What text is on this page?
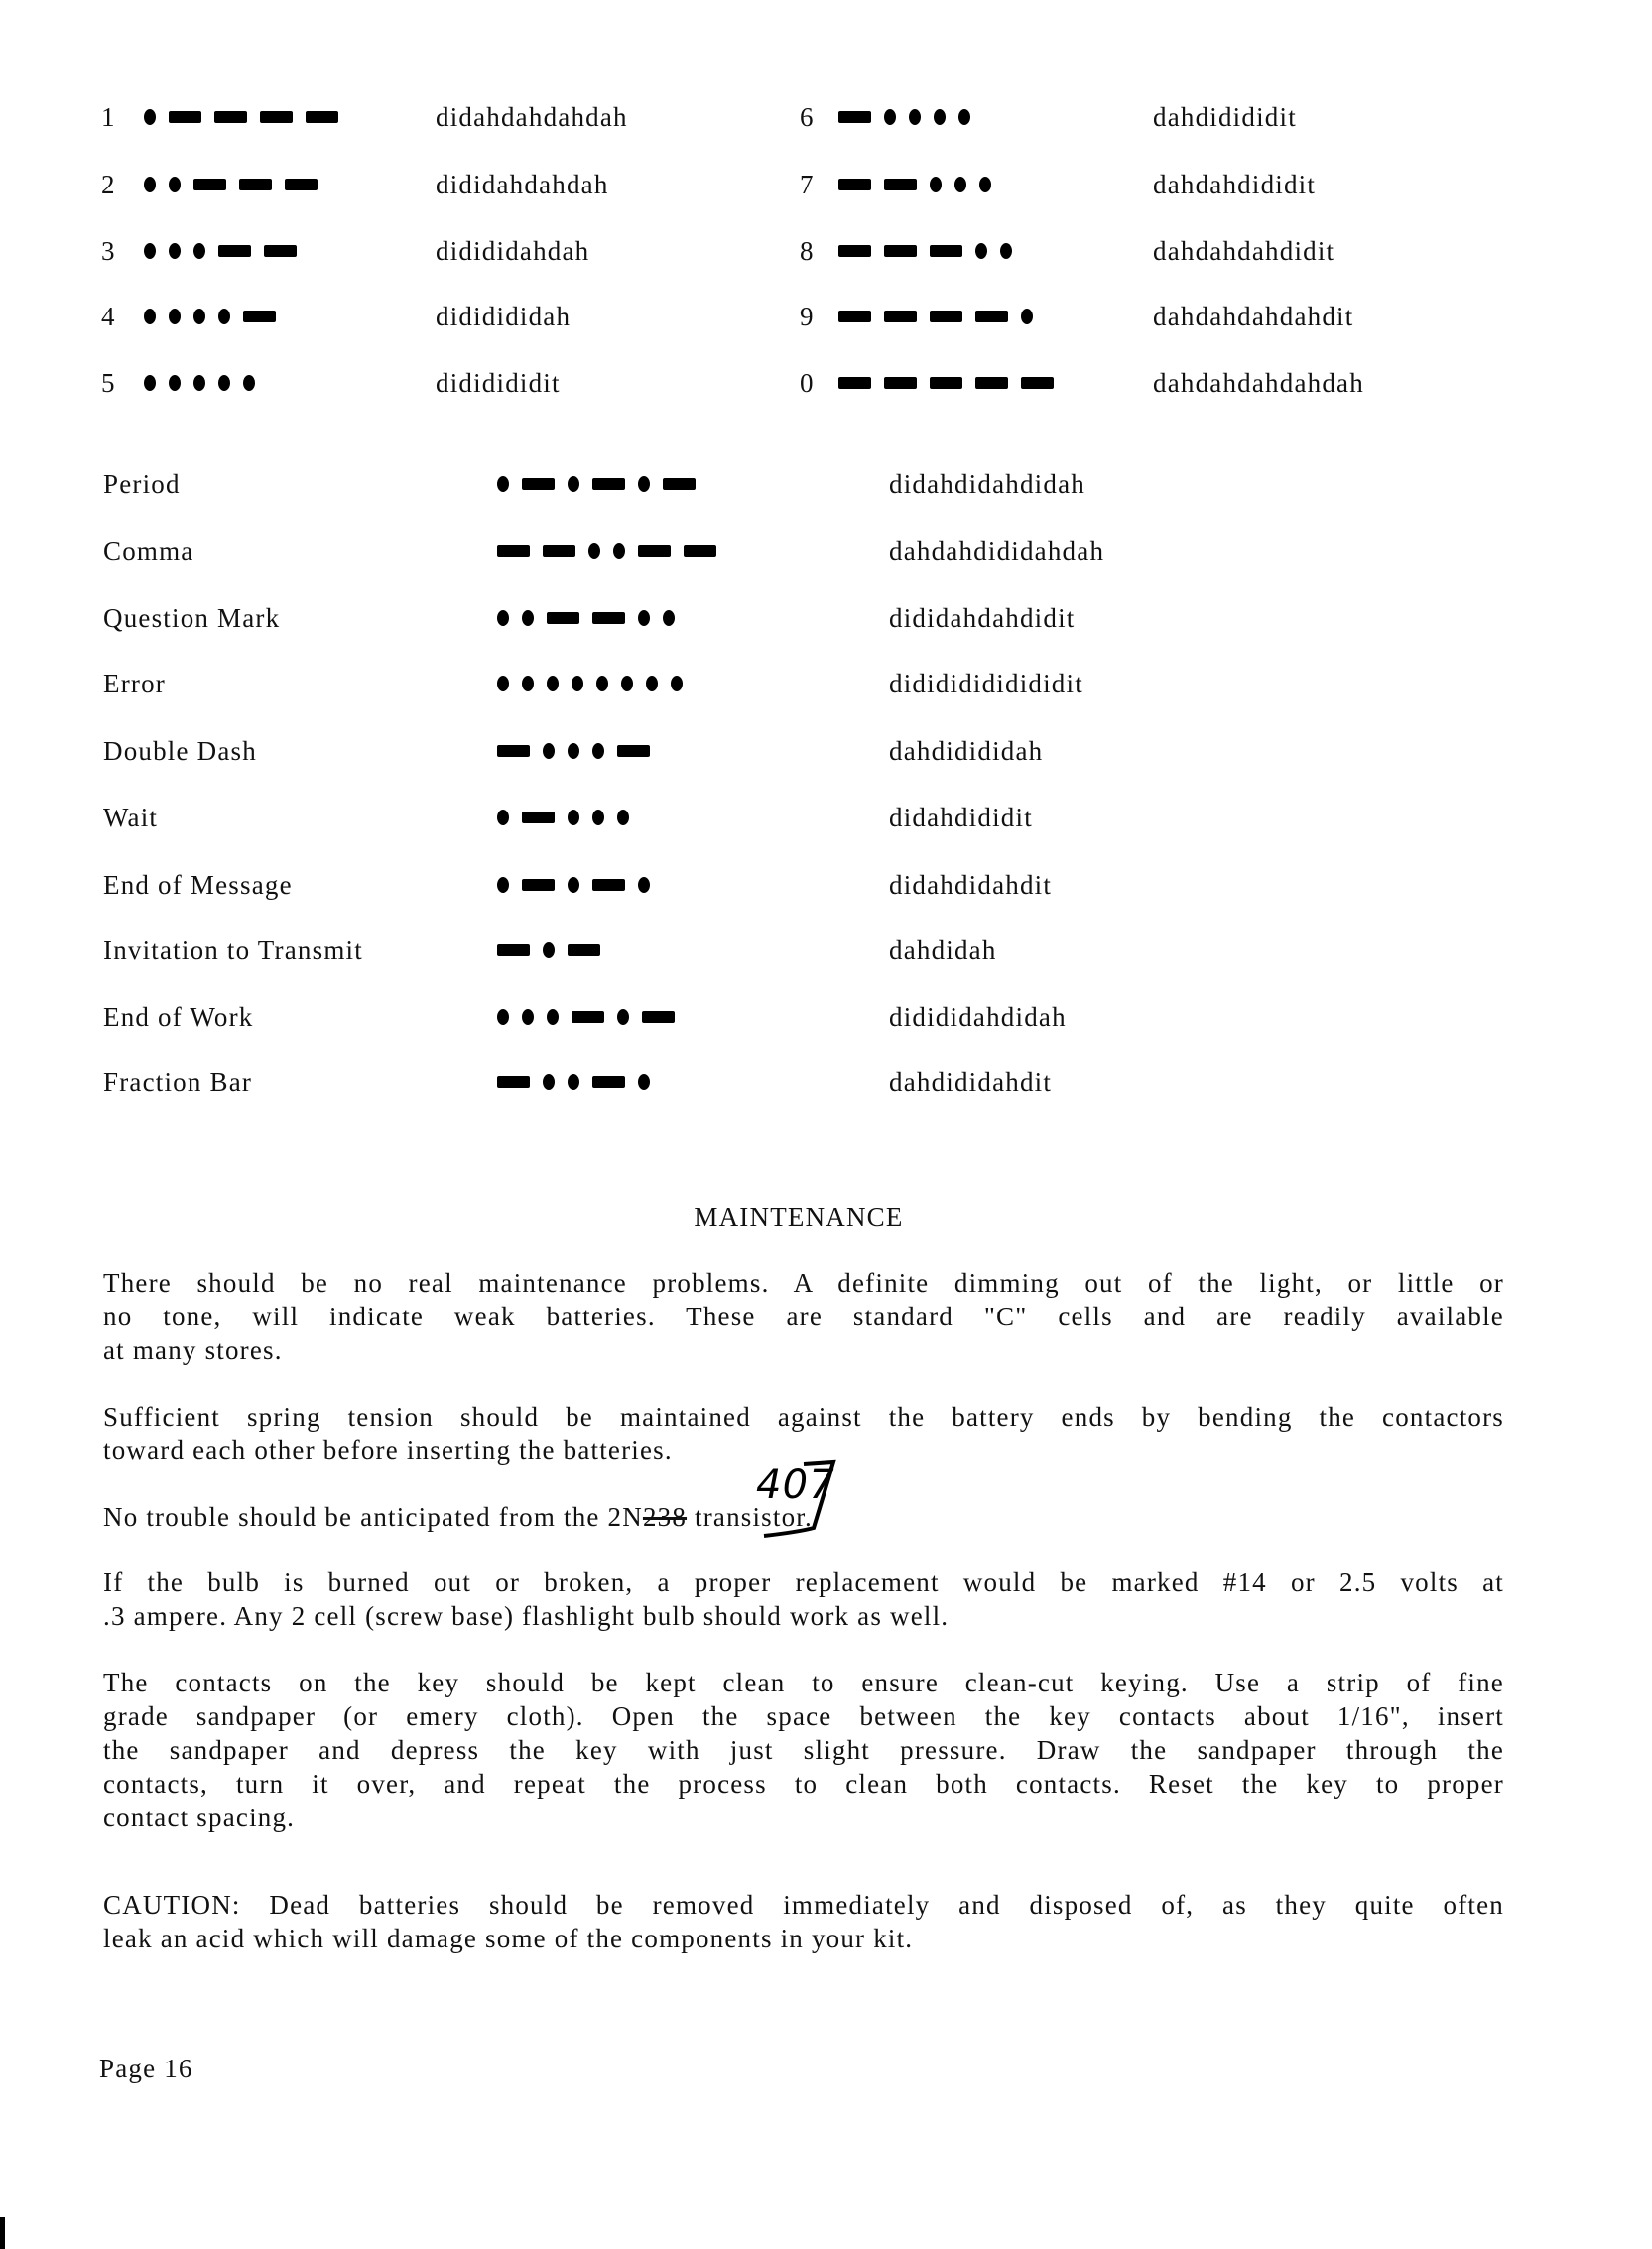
1	didahdahdahdah
2	dididahdahdah
3	didididahdah
4	dididididah
5	dididididit
6	dahdidididit
7	dahdahdididit
8	dahdahdahdidit
9	dahdahdahdahdit
0	dahdahdahdahdah
Period	didahdidahdidah
Comma	dahdahdididahdah
Question Mark	dididahdahdidit
Error	didididididididit
Double Dash	dahdidididah
Wait	didahdididit
End of Message	didahdidahdit
Invitation to Transmit	dahdidah
End of Work	didididahdidah
Fraction Bar	dahdididahdit
MAINTENANCE
There should be no real maintenance problems. A definite dimming out of the light, or little or
no tone, will indicate weak batteries. These are standard "C" cells and are readily available
at many stores.
Sufficient spring tension should be maintained against the battery ends by bending the contactors
toward each other before inserting the batteries.
No trouble should be anticipated from the 2N238 transistor.
407
If the bulb is burned out or broken, a proper replacement would be marked #14 or 2.5 volts at
.3 ampere. Any 2 cell (screw base) flashlight bulb should work as well.
The contacts on the key should be kept clean to ensure clean-cut keying. Use a strip of fine
grade sandpaper (or emery cloth). Open the space between the key contacts about 1/16", insert
the sandpaper and depress the key with just slight pressure. Draw the sandpaper through the
contacts, turn it over, and repeat the process to clean both contacts. Reset the key to proper
contact spacing.
CAUTION: Dead batteries should be removed immediately and disposed of, as they quite often
leak an acid which will damage some of the components in your kit.
Page 16
